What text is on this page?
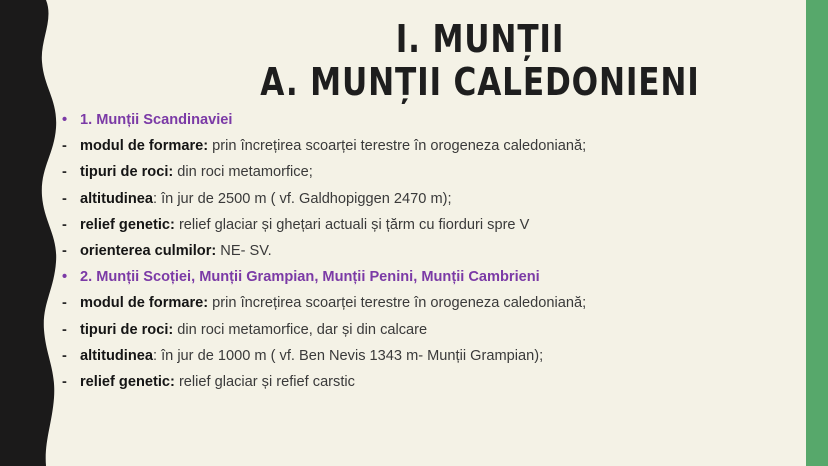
I. MUNȚII
A. MUNȚII CALEDONIENI
• 1. Munții Scandinaviei
- modul de formare: prin încrețirea scoarței terestre în orogeneza caledoniană;
- tipuri de roci: din roci metamorfice;
- altitudinea: în jur de 2500 m ( vf. Galdhopiggen 2470 m);
- relief genetic: relief glaciar și ghețari actuali și țărm cu fiorduri spre V
- orienterea culmilor: NE- SV.
• 2. Munții Scoției, Munții Grampian, Munții Penini, Munții Cambrieni
- modul de formare: prin încrețirea scoarței terestre în orogeneza caledoniană;
- tipuri de roci: din roci metamorfice, dar și din calcare
- altitudinea: în jur de 1000 m ( vf. Ben Nevis 1343 m- Munții Grampian);
- relief genetic: relief glaciar și refief carstic
